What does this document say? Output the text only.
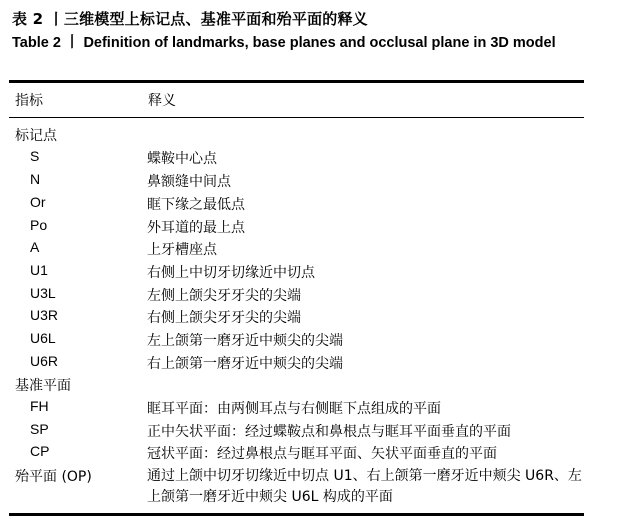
表 2 丨三维模型上标记点、基准平面和殆平面的释义
Table 2 丨 Definition of landmarks, base planes and occlusal plane in 3D model
指标	释义
标记点
S	蝶鞍中心点
N	鼻额缝中间点
Or	眶下缘之最低点
Po	外耳道的最上点
A	上牙槽座点
U1	右侧上中切牙切缘近中切点
U3L	左侧上颌尖牙牙尖的尖端
U3R	右侧上颌尖牙牙尖的尖端
U6L	左上颌第一磨牙近中颊尖的尖端
U6R	右上颌第一磨牙近中颊尖的尖端
基准平面
FH	眶耳平面：由两侧耳点与右侧眶下点组成的平面
SP	正中矢状平面：经过蝶鞍点和鼻根点与眶耳平面垂直的平面
CP	冠状平面：经过鼻根点与眶耳平面、矢状平面垂直的平面
殆平面 (OP)	通过上颌中切牙切缘近中切点 U1、右上颌第一磨牙近中颊尖 U6R、左上颌第一磨牙近中颊尖 U6L 构成的平面
